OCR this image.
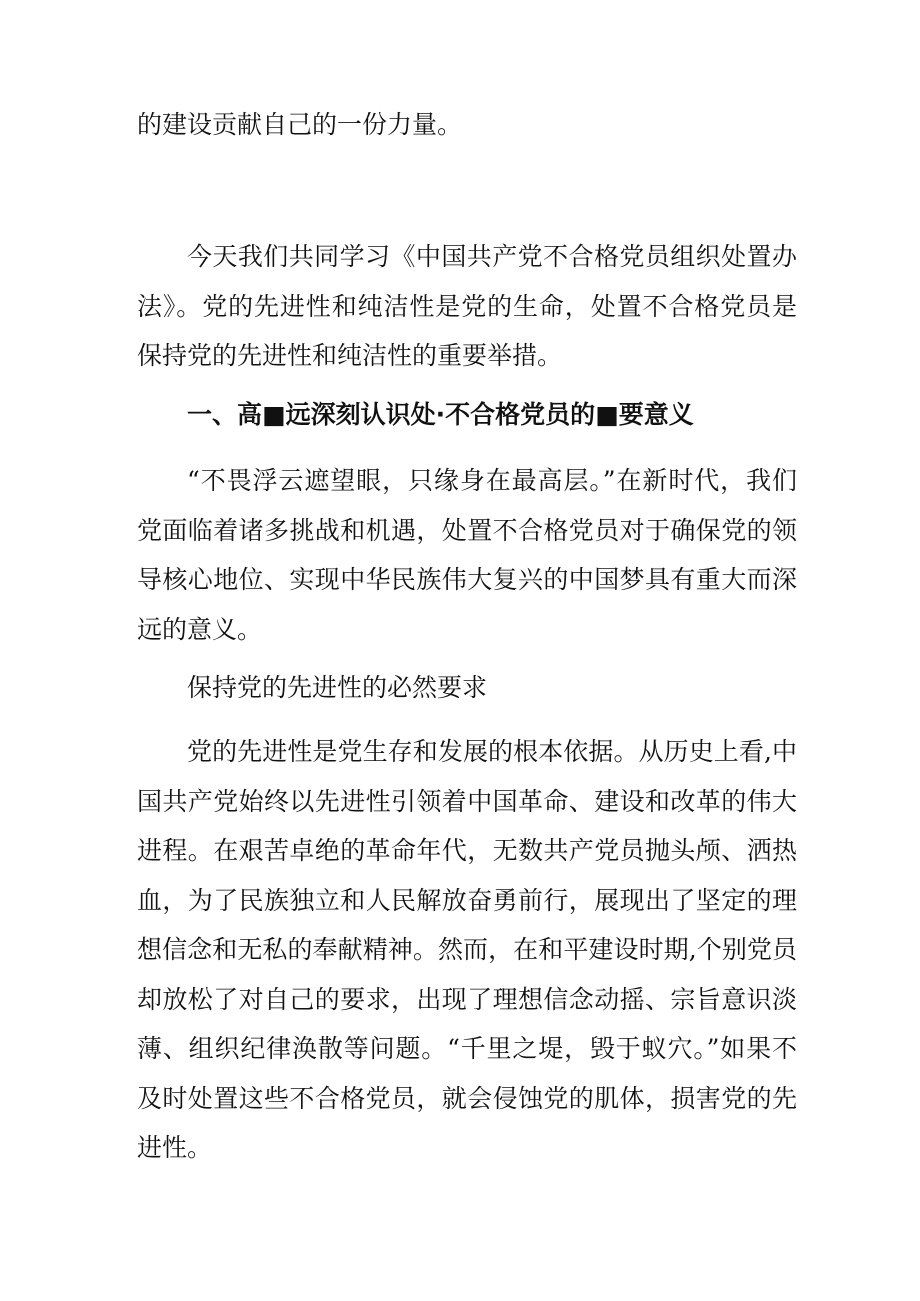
的建设贡献自己的一份力量。

今天我们共同学习《中国共产党不合格党员组织处置办法》。党的先进性和纯洁性是党的生命，处置不合格党员是保持党的先进性和纯洁性的重要举措。

一、高■远深刻认识处·不合格党员的■要意义

“不畏浮云遮望眼，只缘身在最高层。”在新时代，我们党面临着诸多挑战和机遇，处置不合格党员对于确保党的领导核心地位、实现中华民族伟大复兴的中国梦具有重大而深远的意义。

保持党的先进性的必然要求

党的先进性是党生存和发展的根本依据。从历史上看,中国共产党始终以先进性引领着中国革命、建设和改革的伟大进程。在艰苦卓绝的革命年代，无数共产党员抛头颅、洒热血，为了民族独立和人民解放奋勇前行，展现出了坚定的理想信念和无私的奉献精神。然而，在和平建设时期,个别党员却放松了对自己的要求，出现了理想信念动摇、宗旨意识淡薄、组织纪律涣散等问题。“千里之堤，毁于蚁穴。”如果不及时处置这些不合格党员，就会侵蚀党的肌体，损害党的先进性。
